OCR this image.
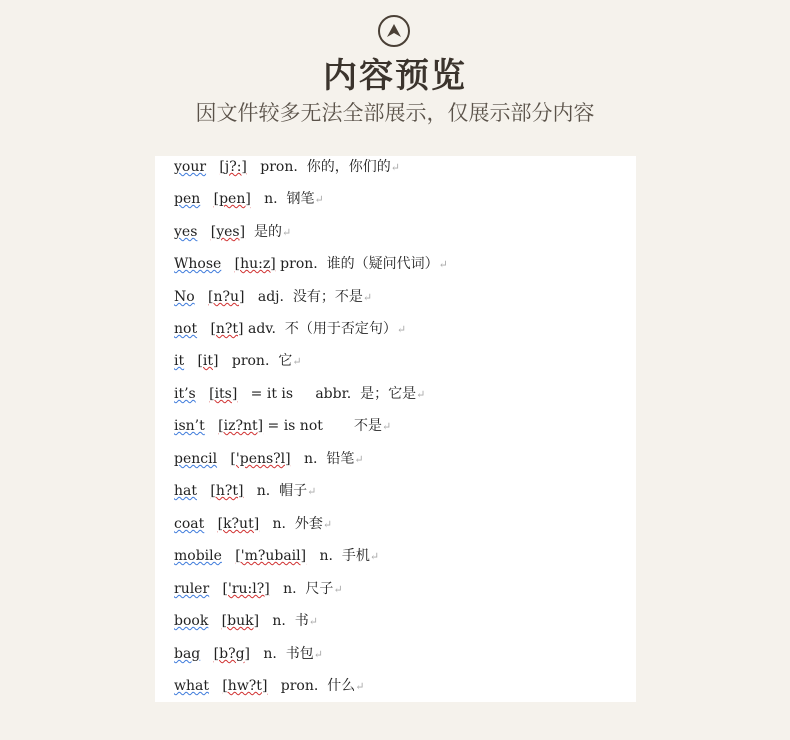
内容预览
因文件较多无法全部展示，仅展示部分内容
your [j?:]   pron.  你的，你们的↵
pen [pen]   n.  钢笔↵
yes [yes]  是的↵
Whose [hu:z] pron.  谁的（疑问代词）↵
No [n?u]   adj.  没有；不是↵
not [n?t] adv.  不（用于否定句）↵
it [it]   pron.  它↵
it’s [its]   = it is     abbr.  是；它是↵
isn’t [iz?nt] = is not       不是↵
pencil ['pens?l]   n.  铅笔↵
hat [h?t]   n.  帽子↵
coat [k?ut]   n.  外套↵
mobile ['m?ubail]   n.  手机↵
ruler ['ru:l?]   n.  尺子↵
book [buk]   n.  书↵
bag [b?g]   n.  书包↵
what [hw?t]   pron.  什么↵
